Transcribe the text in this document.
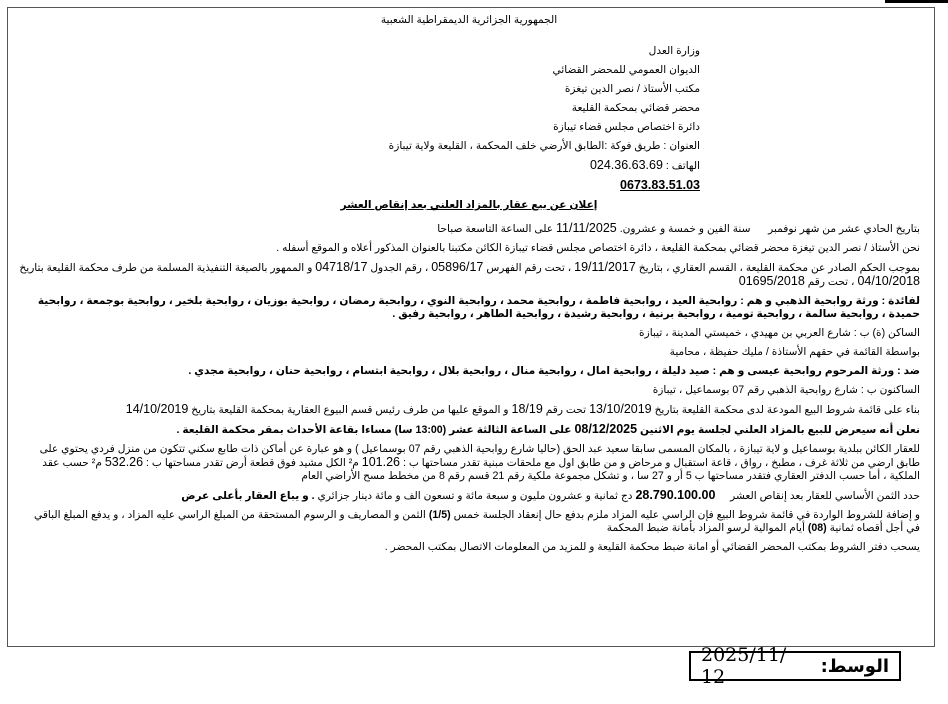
الجمهورية الجزائرية الديمقراطية الشعبية

وزارة العدل

الديوان العمومي للمحضر القضائي

مكتب الأستاذ / نصر الدين تيغزة

محضر قضائي بمحكمة القليعة

دائرة اختصاص مجلس قضاء تيبازة

العنوان : طريق فوكة :الطابق الأرضي خلف المحكمة ، القليعة ولاية تيبازة

الهاتف : 024.36.63.69

0673.83.51.03

إعلان عن بيع عقار بالمزاد العلني بعد إنقاص العشر

بتاريخ الحادي عشر من شهر نوفمبر      سنة الفين و خمسة و عشرون. 11/11/2025 على الساعة التاسعة صباحا

نحن الأستاذ / نصر الدين تيغزة محضر قضائي بمحكمة القليعة ، دائرة اختصاص مجلس قضاء تيبازة الكائن مكتبنا بالعنوان المذكور أعلاه و الموقع أسفله .

بموجب الحكم الصادر عن محكمة القليعة ، القسم العقاري ، بتاريخ 19/11/2017 ، تحت رقم الفهرس 05896/17 ، رقم الجدول 04718/17 و الممهور بالصيغة التنفيذية المسلمة من طرف محكمة القليعة بتاريخ 04/10/2018 ، تحت رقم 01695/2018

لفائدة : ورثة روابحية الذهبي و هم : روابحية العيد ، روابحية فاطمة ، روابحية محمد ، روابحية النوي ، روابحية رمضان ، روابحية بوزيان ، روابحية بلخير ، روابحية بوجمعة ، روابحية حميدة ، روابحية سالمة ، روابحية تومية ، روابحية برنية ، روابحية رشيدة ، روابحية الطاهر ، روابحية رفيق .

الساكن (ة) ب : شارع العربي بن مهيدي ، خميستي المدينة ، تيبازة

بواسطة القائمة في حقهم الأستاذة / مليك حفيظة ، محامية

ضد : ورثة المرحوم روابحية عيسى و هم : صيد دليلة ، روابحية امال ، روابحية منال ، روابحية بلال ، روابحية ابتسام ، روابحية حنان ، روابحية مجدي .

الساكنون ب : شارع روابحية الذهبي رقم 07 بوسماعيل ، تيبازة

بناء على قائمة شروط البيع المودعة لدى محكمة القليعة بتاريخ 13/10/2019 تحت رقم 18/19 و الموقع عليها من طرف رئيس قسم البيوع العقارية بمحكمة القليعة بتاريخ 14/10/2019

نعلن أنه سيعرض للبيع بالمزاد العلني لجلسة يوم الاثنين 08/12/2025 على الساعة الثالثة عشر (13:00 سا) مساءا بقاعة الأحداث بمقر محكمة القليعة .

للعقار الكائن ببلدية بوسماعيل و لاية تيبازة ، بالمكان المسمى سابقا سعيد عبد الحق (حاليا شارع روابحية الذهبي رقم 07 بوسماعيل ) و هو عبارة عن أماكن ذات طابع سكني تتكون من منزل فردي يحتوي على طابق ارضي من ثلاثة غرف ، مطبخ ، رواق ، قاعة استقبال و مرحاض و من طابق اول مع ملحقات مبنية تقدر مساحتها ب : 101.26 م² الكل مشيد فوق قطعة أرض تقدر مساحتها ب : 532.26 م² حسب عقد الملكية ، أما حسب الدفتر العقاري فتقدر مساحتها ب 5 أر و 27 سا ، و تشكل مجموعة ملكية رقم 21 قسم رقم 8 من مخطط مسح الأراضي العام

حدد الثمن الأساسي للعقار بعد إنقاص العشر     28.790.100.00 دج ثمانية و عشرون مليون و سبعة مائة و تسعون الف و مائة دينار جزائري . و يباع العقار بأعلى عرض

و إضافة للشروط الواردة في قائمة شروط البيع فإن الراسي عليه المزاد ملزم بدفع حال إنعقاد الجلسة خمس (1/5) الثمن و المصاريف و الرسوم المستحقة من المبلغ الراسي عليه المزاد ، و يدفع المبلغ الباقي في أجل أقصاه ثمانية (08) أيام الموالية لرسو المزاد بأمانة ضبط المحكمة

يسحب دفتر الشروط بمكتب المحضر القضائي أو امانة ضبط محكمة القليعة و للمزيد من المعلومات الاتصال بمكتب المحضر .

الوسط:
2025/11/ 12
